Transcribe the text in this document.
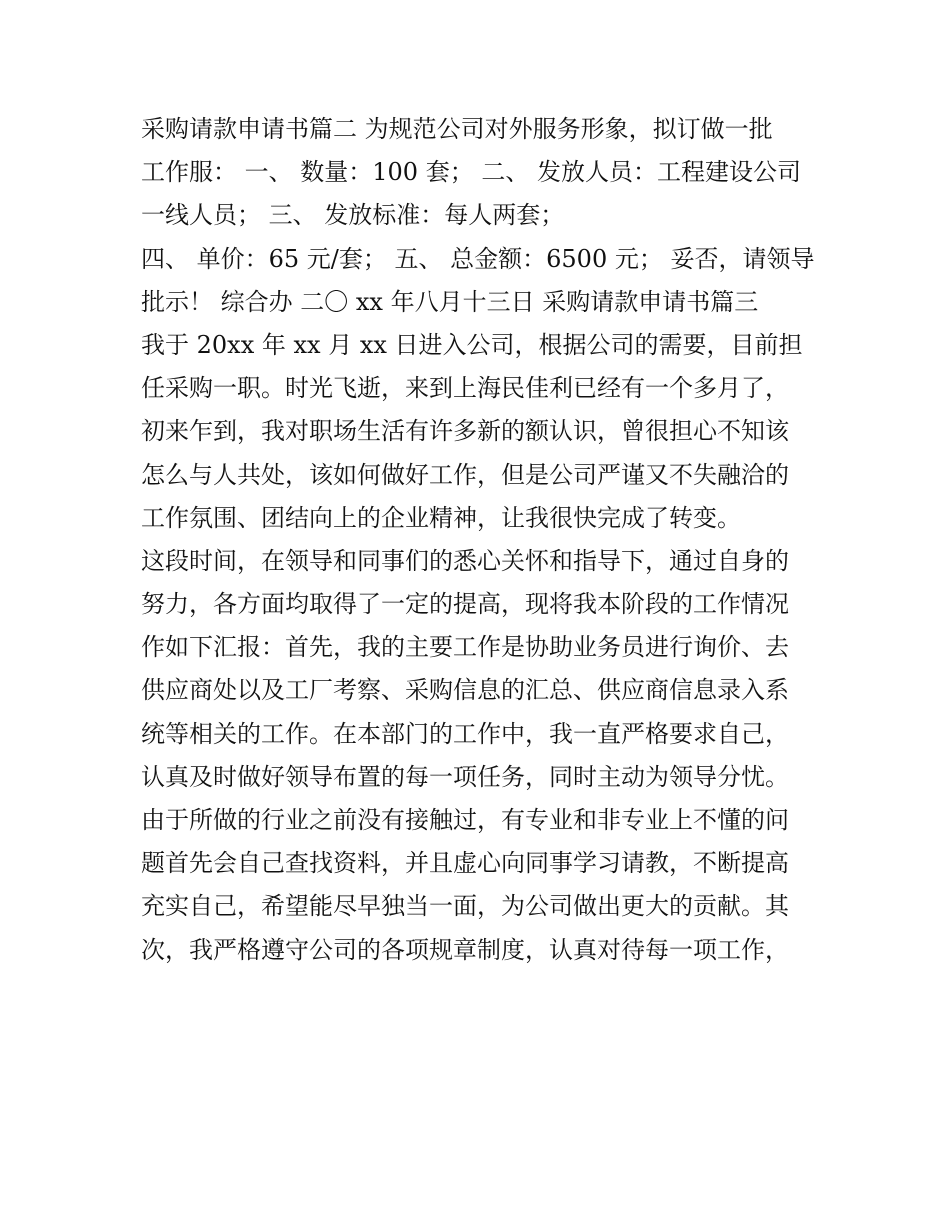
采购请款申请书篇二 为规范公司对外服务形象，拟订做一批
工作服： 一、 数量：100 套； 二、 发放人员：工程建设公司
一线人员； 三、 发放标准：每人两套；
四、 单价：65 元/套； 五、 总金额：6500 元； 妥否，请领导
批示！ 综合办 二〇 xx 年八月十三日 采购请款申请书篇三
我于 20xx 年 xx 月 xx 日进入公司，根据公司的需要，目前担
任采购一职。时光飞逝，来到上海民佳利已经有一个多月了，
初来乍到，我对职场生活有许多新的额认识，曾很担心不知该
怎么与人共处，该如何做好工作，但是公司严谨又不失融洽的
工作氛围、团结向上的企业精神，让我很快完成了转变。
这段时间，在领导和同事们的悉心关怀和指导下，通过自身的
努力，各方面均取得了一定的提高，现将我本阶段的工作情况
作如下汇报：首先，我的主要工作是协助业务员进行询价、去
供应商处以及工厂考察、采购信息的汇总、供应商信息录入系
统等相关的工作。在本部门的工作中，我一直严格要求自己，
认真及时做好领导布置的每一项任务，同时主动为领导分忧。
由于所做的行业之前没有接触过，有专业和非专业上不懂的问
题首先会自己查找资料，并且虚心向同事学习请教，不断提高
充实自己，希望能尽早独当一面，为公司做出更大的贡献。其
次，我严格遵守公司的各项规章制度，认真对待每一项工作，
